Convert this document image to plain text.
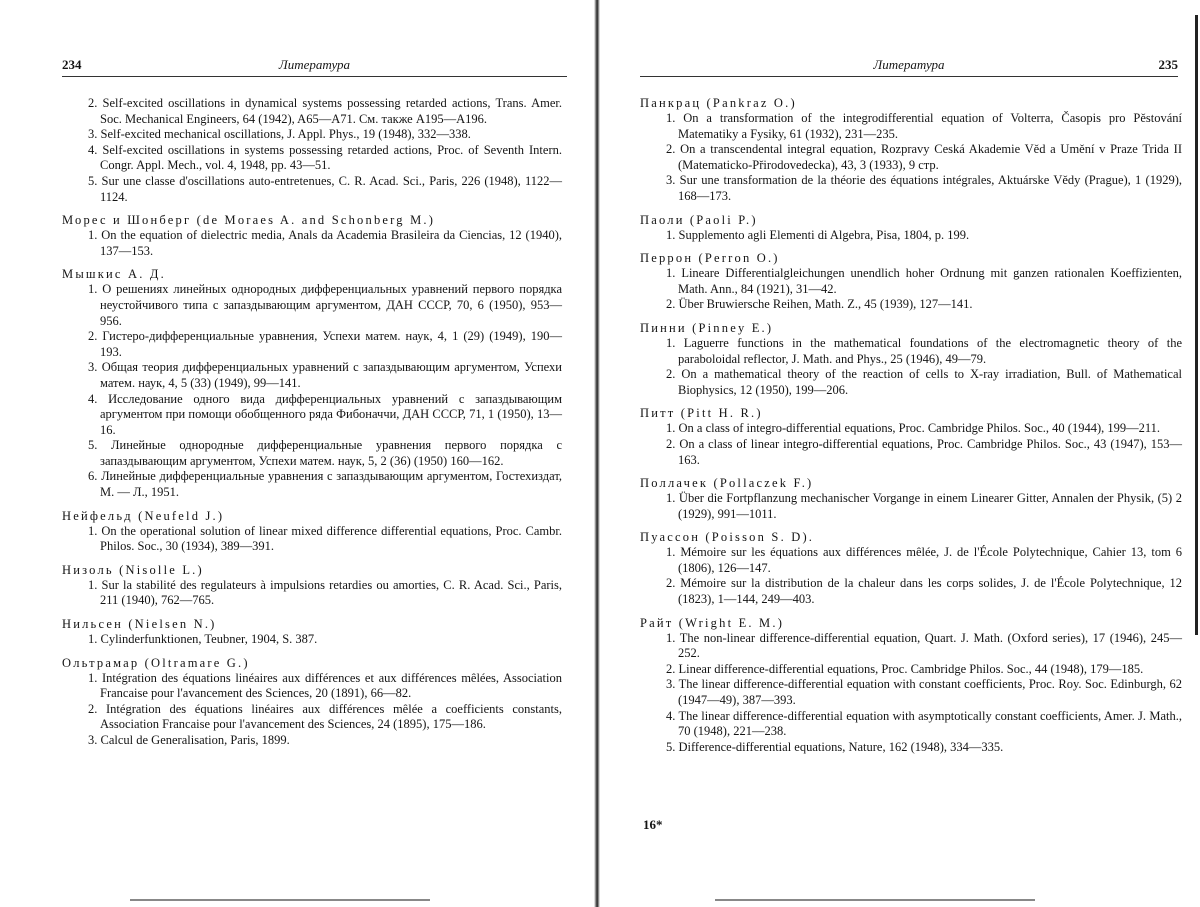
234	Литература
2. Self-excited oscillations in dynamical systems possessing retarded actions, Trans. Amer. Soc. Mechanical Engineers, 64 (1942), A65—A71. См. также A195—A196.
3. Self-excited mechanical oscillations, J. Appl. Phys., 19 (1948), 332—338.
4. Self-excited oscillations in systems possessing retarded actions, Proc. of Seventh Intern. Congr. Appl. Mech., vol. 4, 1948, pp. 43—51.
5. Sur une classe d'oscillations auto-entretenues, C. R. Acad. Sci., Paris, 226 (1948), 1122—1124.
Морес и Шонберг (de Moraes A. and Schonberg M.)
1. On the equation of dielectric media, Anals da Academia Brasileira da Ciencias, 12 (1940), 137—153.
Мышкис А. Д.
1. О решениях линейных однородных дифференциальных уравнений первого порядка неустойчивого типа с запаздывающим аргументом, ДАН СССР, 70, 6 (1950), 953—956.
2. Гистеро-дифференциальные уравнения, Успехи матем. наук, 4, 1 (29) (1949), 190—193.
3. Общая теория дифференциальных уравнений с запаздывающим аргументом, Успехи матем. наук, 4, 5 (33) (1949), 99—141.
4. Исследование одного вида дифференциальных уравнений с запаздывающим аргументом при помощи обобщенного ряда Фибоначчи, ДАН СССР, 71, 1 (1950), 13—16.
5. Линейные однородные дифференциальные уравнения первого порядка с запаздывающим аргументом, Успехи матем. наук, 5, 2 (36) (1950) 160—162.
6. Линейные дифференциальные уравнения с запаздывающим аргументом, Гостехиздат, М. — Л., 1951.
Нейфельд (Neufeld J.)
1. On the operational solution of linear mixed difference differential equations, Proc. Cambr. Philos. Soc., 30 (1934), 389—391.
Низоль (Nisolle L.)
1. Sur la stabilité des regulateurs à impulsions retardies ou amorties, C. R. Acad. Sci., Paris, 211 (1940), 762—765.
Нильсен (Nielsen N.)
1. Cylinderfunktionen, Teubner, 1904, S. 387.
Ольтрамар (Oltramare G.)
1. Intégration des équations linéaires aux différences et aux différences mêlées, Association Francaise pour l'avancement des Sciences, 20 (1891), 66—82.
2. Intégration des équations linéaires aux différences mêlée a coefficients constants, Association Francaise pour l'avancement des Sciences, 24 (1895), 175—186.
3. Calcul de Generalisation, Paris, 1899.
Литература	235
Панкрац (Pankraz O.)
1. On a transformation of the integrodifferential equation of Volterra, Časopis pro Pěstování Matematiky a Fysiky, 61 (1932), 231—235.
2. On a transcendental integral equation, Rozpravy Ceská Akademie Věd a Umění v Praze Trida II (Matematicko-Přirodovedecka), 43, 3 (1933), 9 стр.
3. Sur une transformation de la théorie des équations intégrales, Aktuárske Vědy (Prague), 1 (1929), 168—173.
Паоли (Paoli P.)
1. Supplemento agli Elementi di Algebra, Pisa, 1804, p. 199.
Перрон (Perron O.)
1. Lineare Differentialgleichungen unendlich hoher Ordnung mit ganzen rationalen Koeffizienten, Math. Ann., 84 (1921), 31—42.
2. Über Bruwiersche Reihen, Math. Z., 45 (1939), 127—141.
Пинни (Pinney E.)
1. Laguerre functions in the mathematical foundations of the electromagnetic theory of the paraboloidal reflector, J. Math. and Phys., 25 (1946), 49—79.
2. On a mathematical theory of the reaction of cells to X-ray irradiation, Bull. of Mathematical Biophysics, 12 (1950), 199—206.
Питт (Pitt H. R.)
1. On a class of integro-differential equations, Proc. Cambridge Philos. Soc., 40 (1944), 199—211.
2. On a class of linear integro-differential equations, Proc. Cambridge Philos. Soc., 43 (1947), 153—163.
Поллачек (Pollaczek F.)
1. Über die Fortpflanzung mechanischer Vorgange in einem Linearer Gitter, Annalen der Physik, (5) 2 (1929), 991—1011.
Пуассон (Poisson S. D).
1. Mémoire sur les équations aux différences mêlée, J. de l'École Polytechnique, Cahier 13, tom 6 (1806), 126—147.
2. Mémoire sur la distribution de la chaleur dans les corps solides, J. de l'École Polytechnique, 12 (1823), 1—144, 249—403.
Райт (Wright E. M.)
1. The non-linear difference-differential equation, Quart. J. Math. (Oxford series), 17 (1946), 245—252.
2. Linear difference-differential equations, Proc. Cambridge Philos. Soc., 44 (1948), 179—185.
3. The linear difference-differential equation with constant coefficients, Proc. Roy. Soc. Edinburgh, 62 (1947—49), 387—393.
4. The linear difference-differential equation with asymptotically constant coefficients, Amer. J. Math., 70 (1948), 221—238.
5. Difference-differential equations, Nature, 162 (1948), 334—335.
16*
